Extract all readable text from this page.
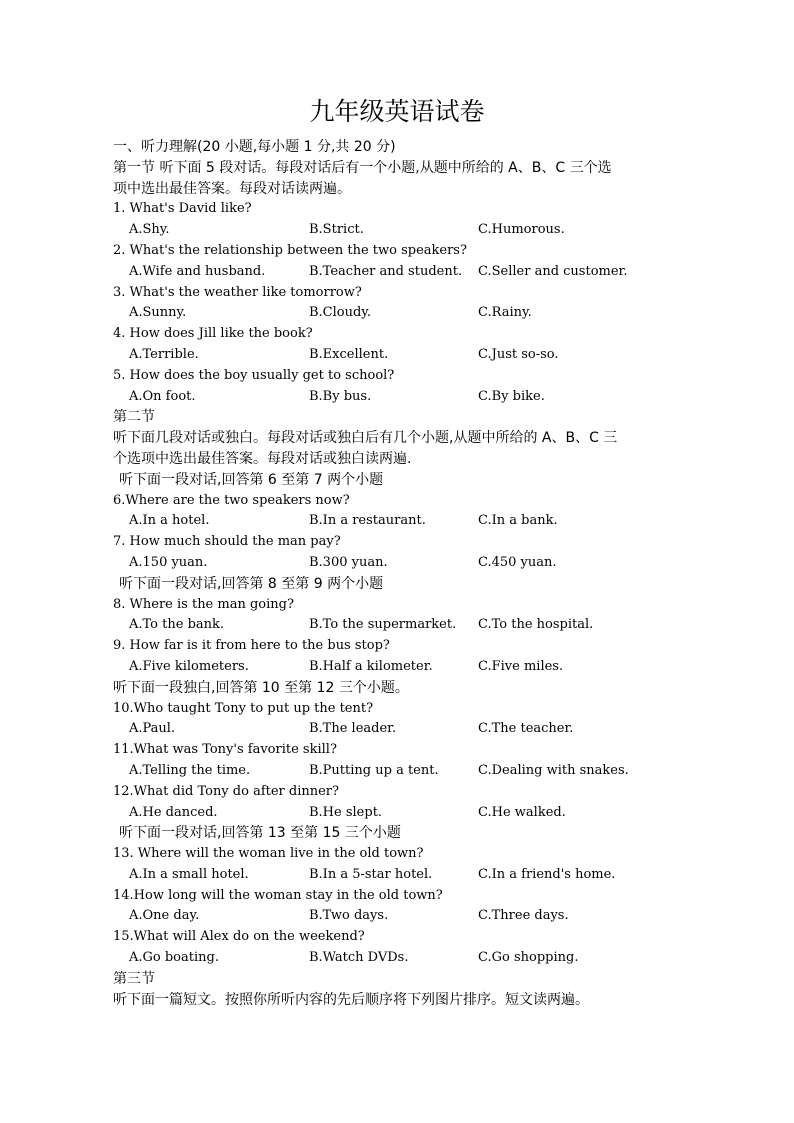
九年级英语试卷
一、听力理解(20 小题,每小题 1 分,共 20 分)
第一节 听下面 5 段对话。每段对话后有一个小题,从题中所给的 A、B、C 三个选
项中选出最佳答案。每段对话读两遍。
1. What's David like?
A.Shy.	B.Strict.	C.Humorous.
2. What's the relationship between the two speakers?
A.Wife and husband.	B.Teacher and student. C.Seller and customer.
3. What's the weather like tomorrow?
A.Sunny.	B.Cloudy.	C.Rainy.
4. How does Jill like the book?
A.Terrible.	B.Excellent.	C.Just so-so.
5. How does the boy usually get to school?
A.On foot.	B.By bus.	C.By bike.
第二节
听下面几段对话或独白。每段对话或独白后有几个小题,从题中所给的 A、B、C 三
个选项中选出最佳答案。每段对话或独白读两遍.
听下面一段对话,回答第 6 至第 7 两个小题
6.Where are the two speakers now?
A.In a hotel.	B.In a restaurant.	C.In a bank.
7. How much should the man pay?
A.150 yuan.	B.300 yuan.	C.450 yuan.
听下面一段对话,回答第 8 至第 9 两个小题
8. Where is the man going?
A.To the bank.	B.To the supermarket. C.To the hospital.
9. How far is it from here to the bus stop?
A.Five kilometers.	B.Half a kilometer.	C.Five miles.
听下面一段独白,回答第 10 至第 12 三个小题。
10.Who taught Tony to put up the tent?
A.Paul.	B.The leader.	C.The teacher.
11.What was Tony's favorite skill?
A.Telling the time.	B.Putting up a tent.	C.Dealing with snakes.
12.What did Tony do after dinner?
A.He danced.	B.He slept.	C.He walked.
听下面一段对话,回答第 13 至第 15 三个小题
13. Where will the woman live in the old town?
A.In a small hotel.	B.In a 5-star hotel.	C.In a friend's home.
14.How long will the woman stay in the old town?
A.One day.	B.Two days.	C.Three days.
15.What will Alex do on the weekend?
A.Go boating.	B.Watch DVDs.	C.Go shopping.
第三节
听下面一篇短文。按照你所听内容的先后顺序将下列图片排序。短文读两遍。
